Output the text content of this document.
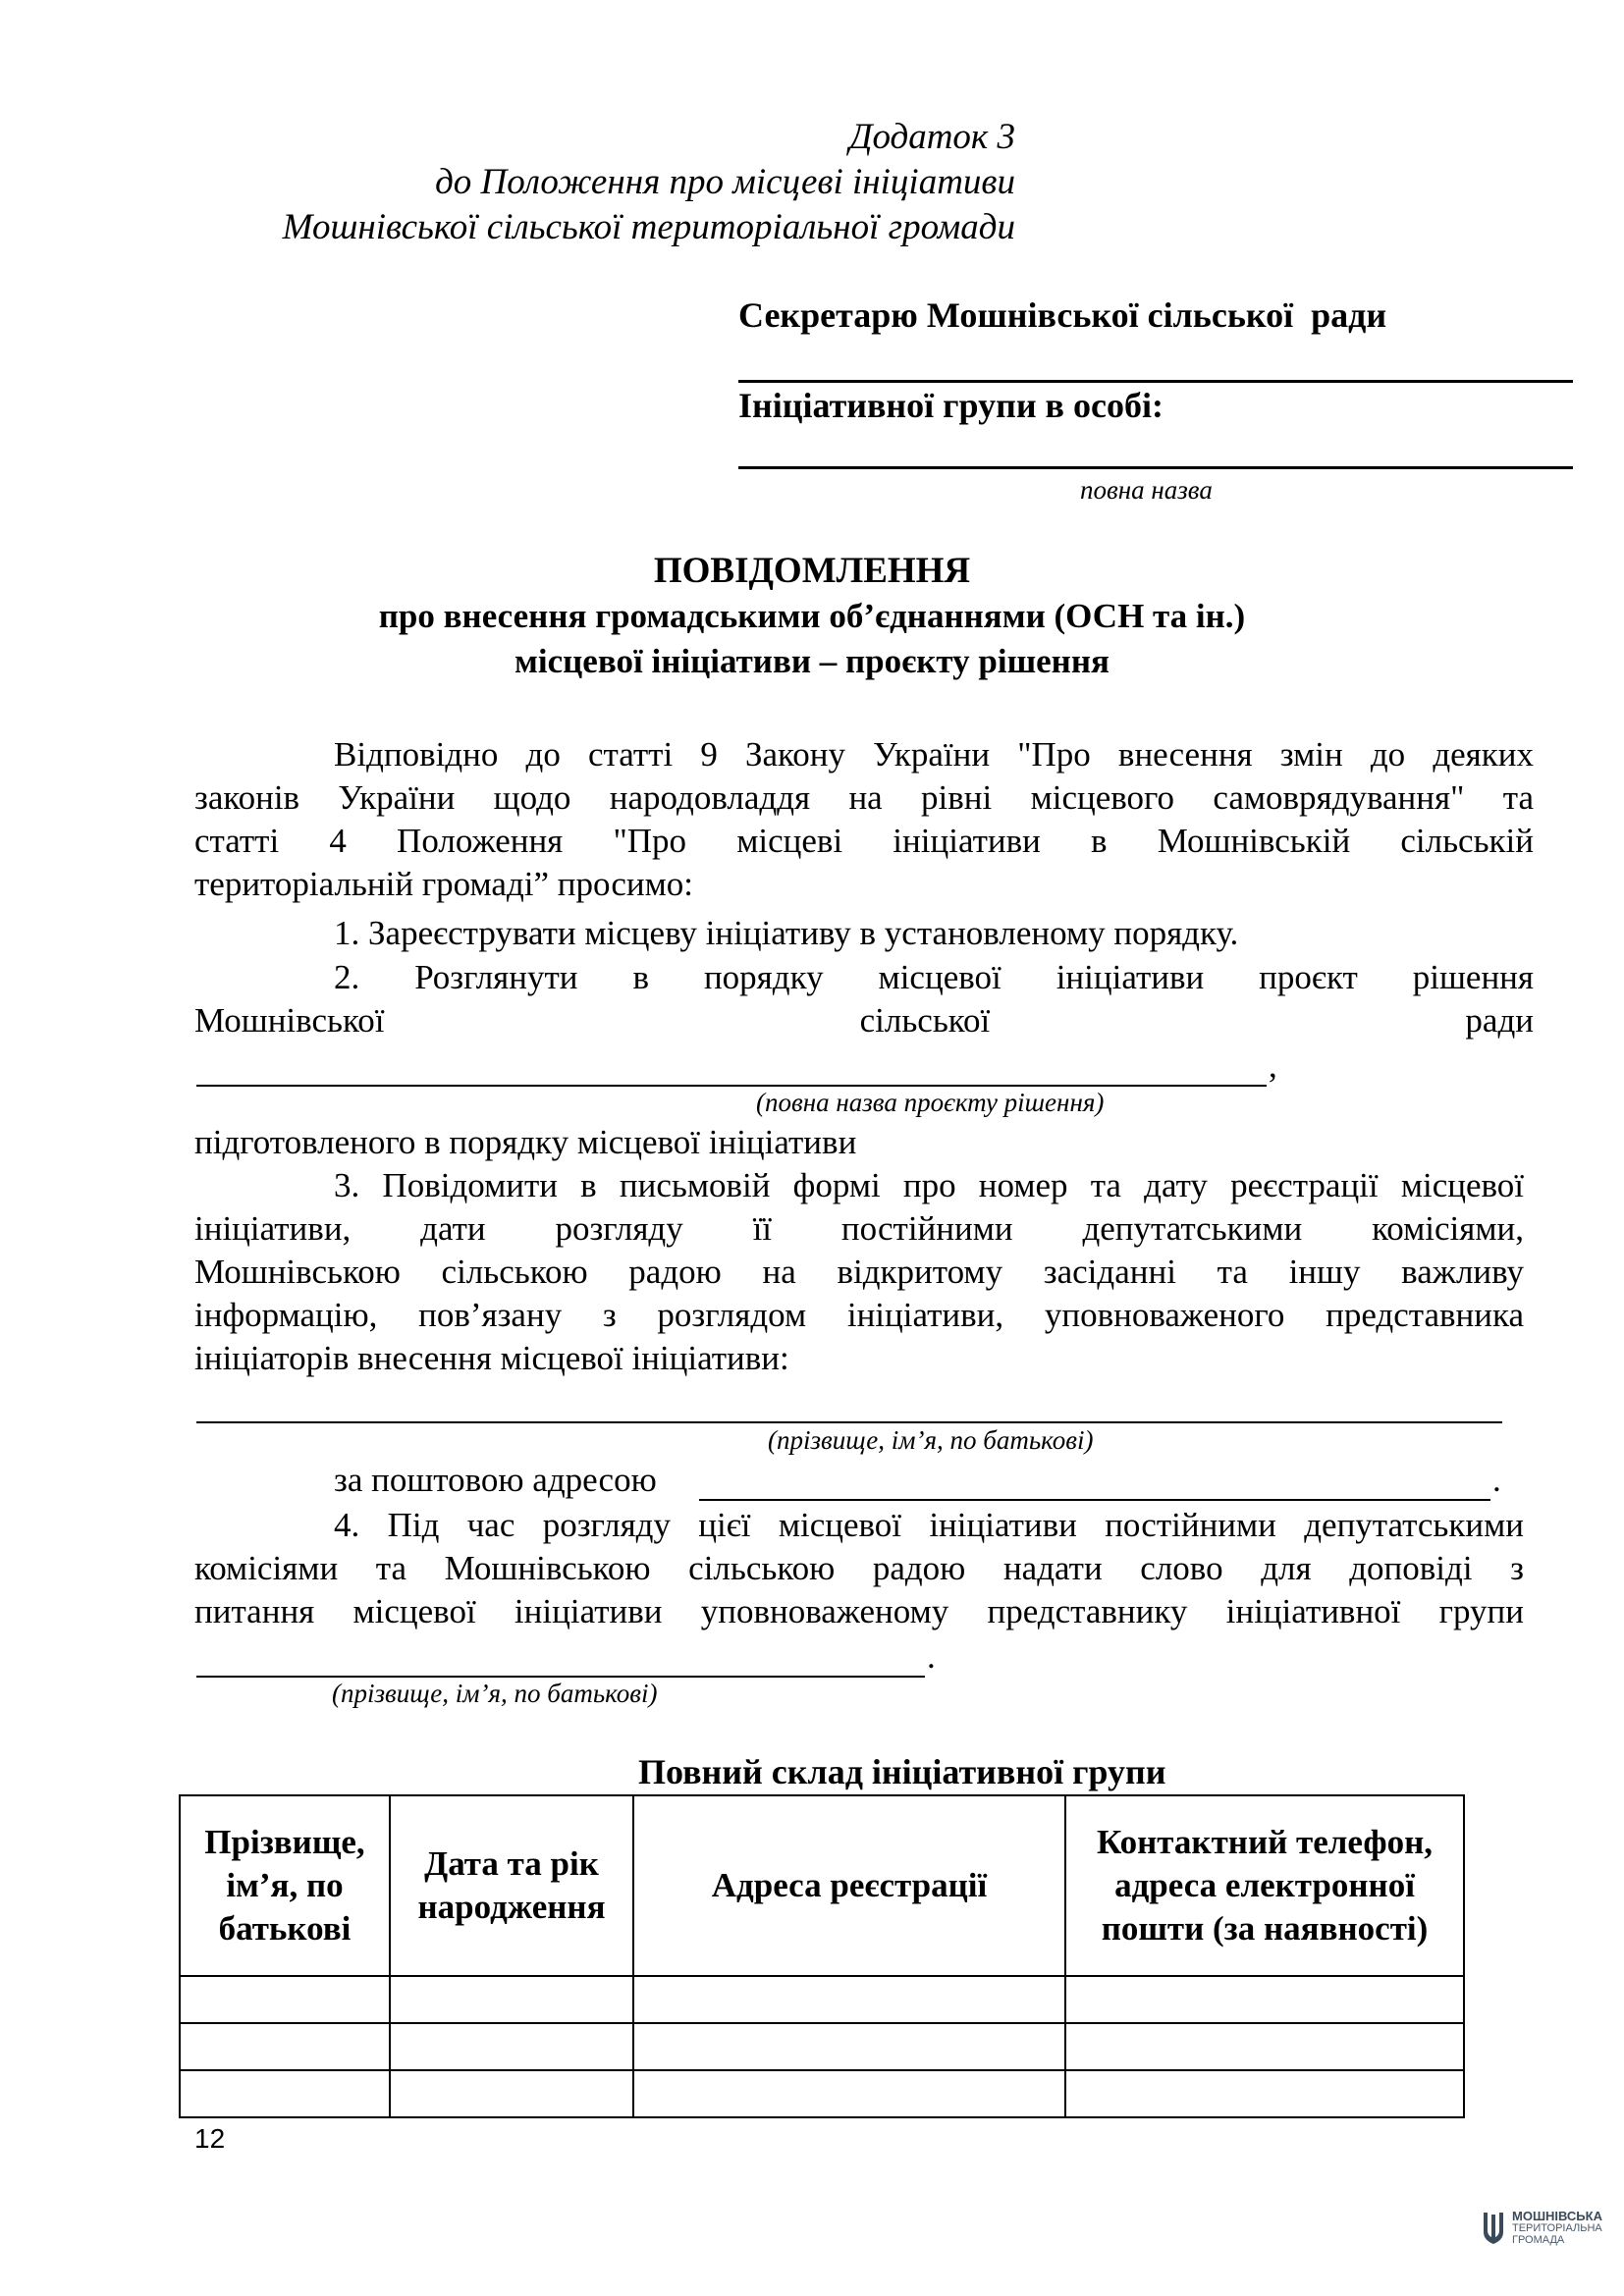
Додаток 3
до Положення про місцеві ініціативи
Мошнівської сільської територіальної громади
Секретарю Мошнівської сільської  ради
Ініціативної групи в особі:
повна назва
ПОВІДОМЛЕННЯ
про внесення громадськими об’єднаннями (ОСН та ін.)
місцевої ініціативи – проєкту рішення
Відповідно до статті 9 Закону України "Про внесення змін до деяких
законів України щодо народовладдя на рівні місцевого самоврядування" та
статті 4 Положення "Про місцеві ініціативи в Мошнівській сільській
територіальній громаді” просимо:
1. Зареєструвати місцеву ініціативу в установленому порядку.
2. Розглянути в порядку місцевої ініціативи проєкт рішення
Мошнівської сільської ради
,
(повна назва проєкту рішення)
підготовленого в порядку місцевої ініціативи
3. Повідомити в письмовій формі про номер та дату реєстрації місцевої
ініціативи, дати розгляду її постійними депутатськими комісіями,
Мошнівською сільською радою на відкритому засіданні та іншу важливу
інформацію, пов’язану з розглядом ініціативи, уповноваженого представника
ініціаторів внесення місцевої ініціативи:
(прізвище, ім’я, по батькові)
за поштовою адресою	.
4. Під час розгляду цієї місцевої ініціативи постійними депутатськими
комісіями та Мошнівською сільською радою надати слово для доповіді з
питання місцевої ініціативи уповноваженому представнику ініціативної групи
.
(прізвище, ім’я, по батькові)
Повний склад ініціативної групи
Прізвище, ім’я, по батькові	Дата та рік народження	Адреса реєстрації	Контактний телефон, адреса електронної пошти (за наявності)

12
МОШНІВСЬКА
ТЕРИТОРІАЛЬНА
ГРОМАДА
